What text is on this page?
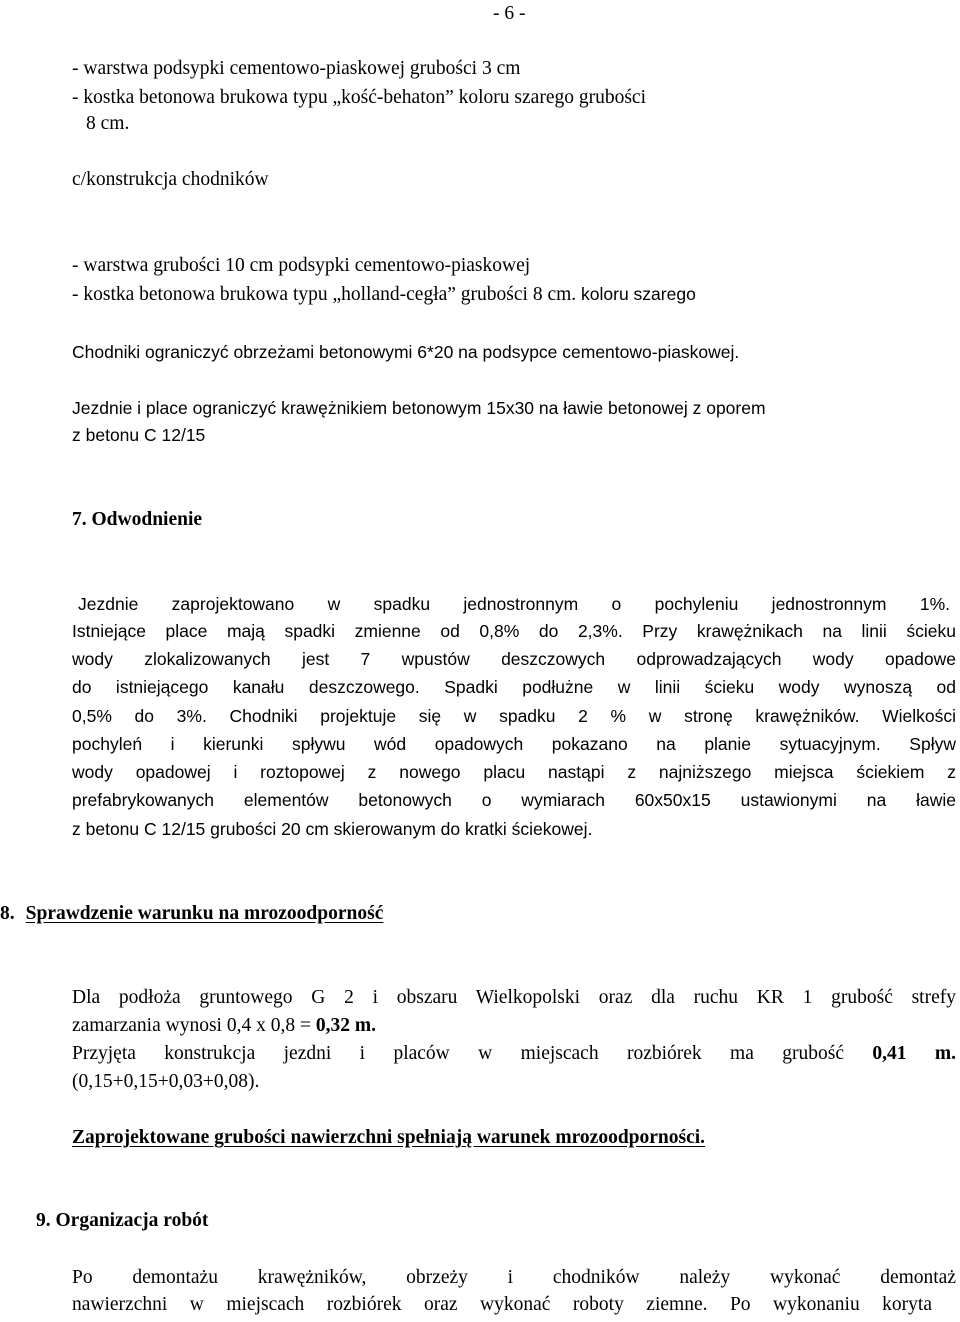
- 6 -
- warstwa podsypki cementowo-piaskowej grubości 3 cm
- kostka betonowa brukowa typu „kość-behaton” koloru szarego grubości
8 cm.
c/konstrukcja chodników
- warstwa grubości 10 cm podsypki cementowo-piaskowej
- kostka betonowa brukowa typu „holland-cegła” grubości 8 cm. koloru szarego
Chodniki ograniczyć obrzeżami betonowymi 6*20 na podsypce cementowo-piaskowej.
Jezdnie i place ograniczyć krawężnikiem betonowym 15x30 na ławie betonowej z oporem
z betonu C 12/15
7. Odwodnienie
Jezdnie zaprojektowano w spadku jednostronnym o pochyleniu jednostronnym 1%.
Istniejące place mają spadki zmienne od 0,8% do 2,3%. Przy krawężnikach na linii ścieku
wody zlokalizowanych jest 7 wpustów deszczowych odprowadzających wody opadowe
do istniejącego kanału deszczowego. Spadki podłużne w linii ścieku wody wynoszą od
0,5% do 3%. Chodniki projektuje się w spadku 2 % w stronę krawężników. Wielkości
pochyleń i kierunki spływu wód opadowych pokazano na planie sytuacyjnym. Spływ
wody opadowej i roztopowej z nowego placu nastąpi z najniższego miejsca ściekiem z
prefabrykowanych elementów betonowych o wymiarach 60x50x15 ustawionymi na ławie
z betonu C 12/15 grubości 20 cm skierowanym do kratki ściekowej.
8. Sprawdzenie warunku na mrozoodporność
Dla podłoża gruntowego G 2 i obszaru Wielkopolski oraz dla ruchu KR 1 grubość strefy
zamarzania wynosi 0,4 x 0,8 = 0,32 m.
Przyjęta konstrukcja jezdni i placów w miejscach rozbiórek ma grubość 0,41 m.
(0,15+0,15+0,03+0,08).
Zaprojektowane grubości nawierzchni spełniają warunek mrozoodporności.
9. Organizacja robót
Po demontażu krawężników, obrzeży i chodników należy wykonać demontaż
nawierzchni w miejscach rozbiórek oraz wykonać roboty ziemne. Po wykonaniu koryta
